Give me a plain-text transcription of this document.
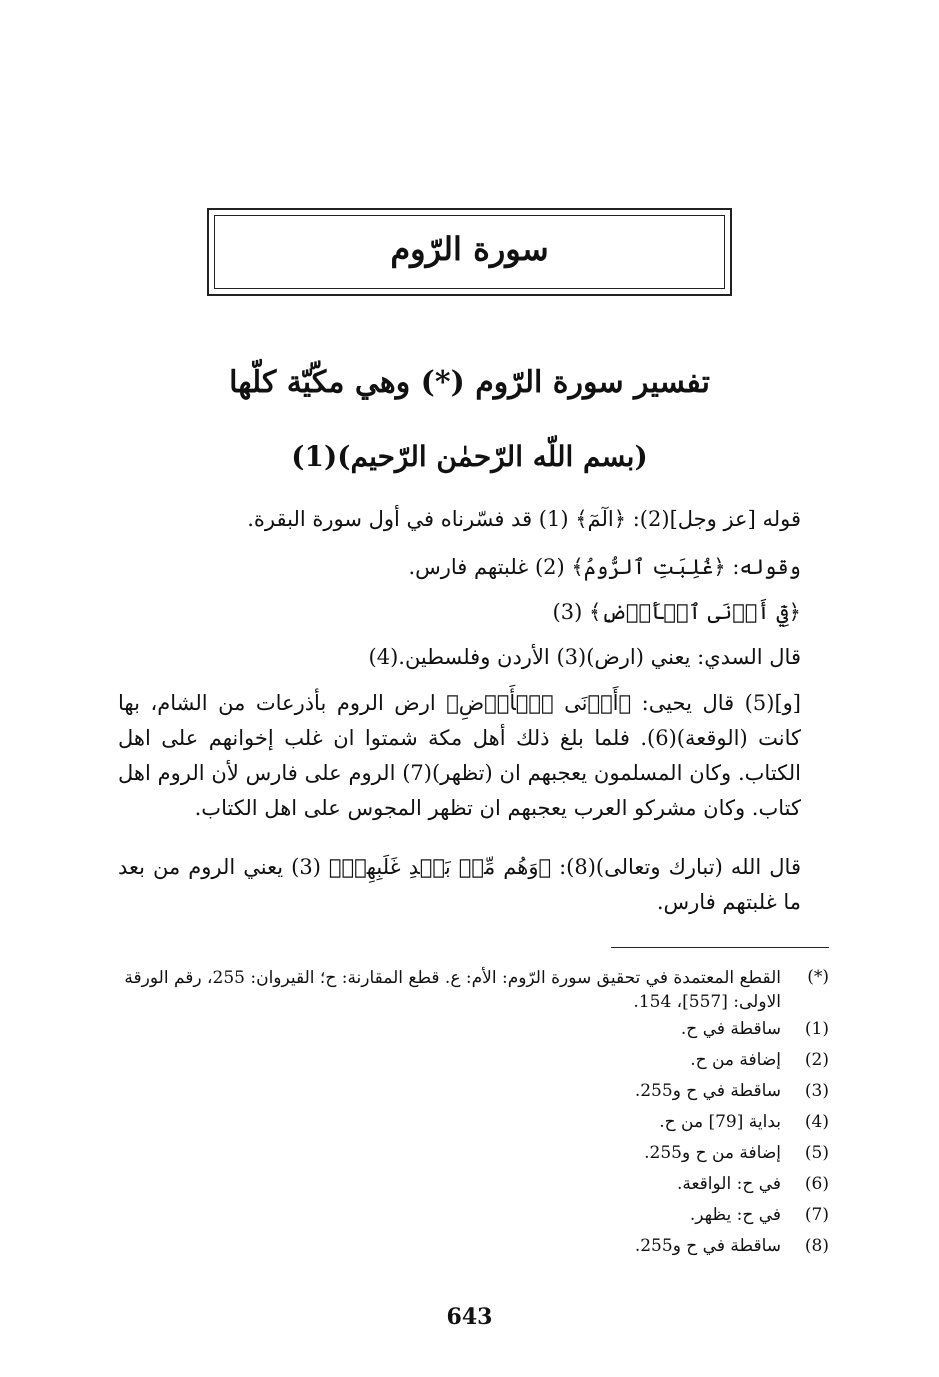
سورة الرّوم
تفسير سورة الرّوم (*) وهي مكّيّة كلّها
(بسم اللّه الرّحمٰن الرّحيم)(1)
قوله [عز وجل](2): ﴿الٓمٓ﴾ (1) قد فسّرناه في أول سورة البقرة.
وقوله: ﴿غُلِبَتِ ٱلرُّومُ﴾ (2) غلبتهم فارس.
﴿فِيٓ أَدۡنَى ٱلۡأَرۡضِ﴾ (3)
قال السدي: يعني (ارض)(3) الأردن وفلسطين.(4)
[و](5) قال يحيى: ﴿أَدۡنَى ٱلۡأَرۡضِ﴾ ارض الروم بأذرعات من الشام، بها كانت (الوقعة)(6). فلما بلغ ذلك أهل مكة شمتوا ان غلب إخوانهم على اهل الكتاب. وكان المسلمون يعجبهم ان (تظهر)(7) الروم على فارس لأن الروم اهل كتاب. وكان مشركو العرب يعجبهم ان تظهر المجوس على اهل الكتاب.
قال الله (تبارك وتعالى)(8): ﴿وَهُم مِّنۢ بَعۡدِ غَلَبِهِمۡ﴾ (3) يعني الروم من بعد ما غلبتهم فارس.
(*)
القطع المعتمدة في تحقيق سورة الرّوم: الأم: ع. قطع المقارنة: ح؛ القيروان: 255، رقم الورقة الاولى: [557]، 154.
(1)
ساقطة في ح.
(2)
إضافة من ح.
(3)
ساقطة في ح و255.
(4)
بداية [79] من ح.
(5)
إضافة من ح و255.
(6)
في ح: الواقعة.
(7)
في ح: يظهر.
(8)
ساقطة في ح و255.
643
